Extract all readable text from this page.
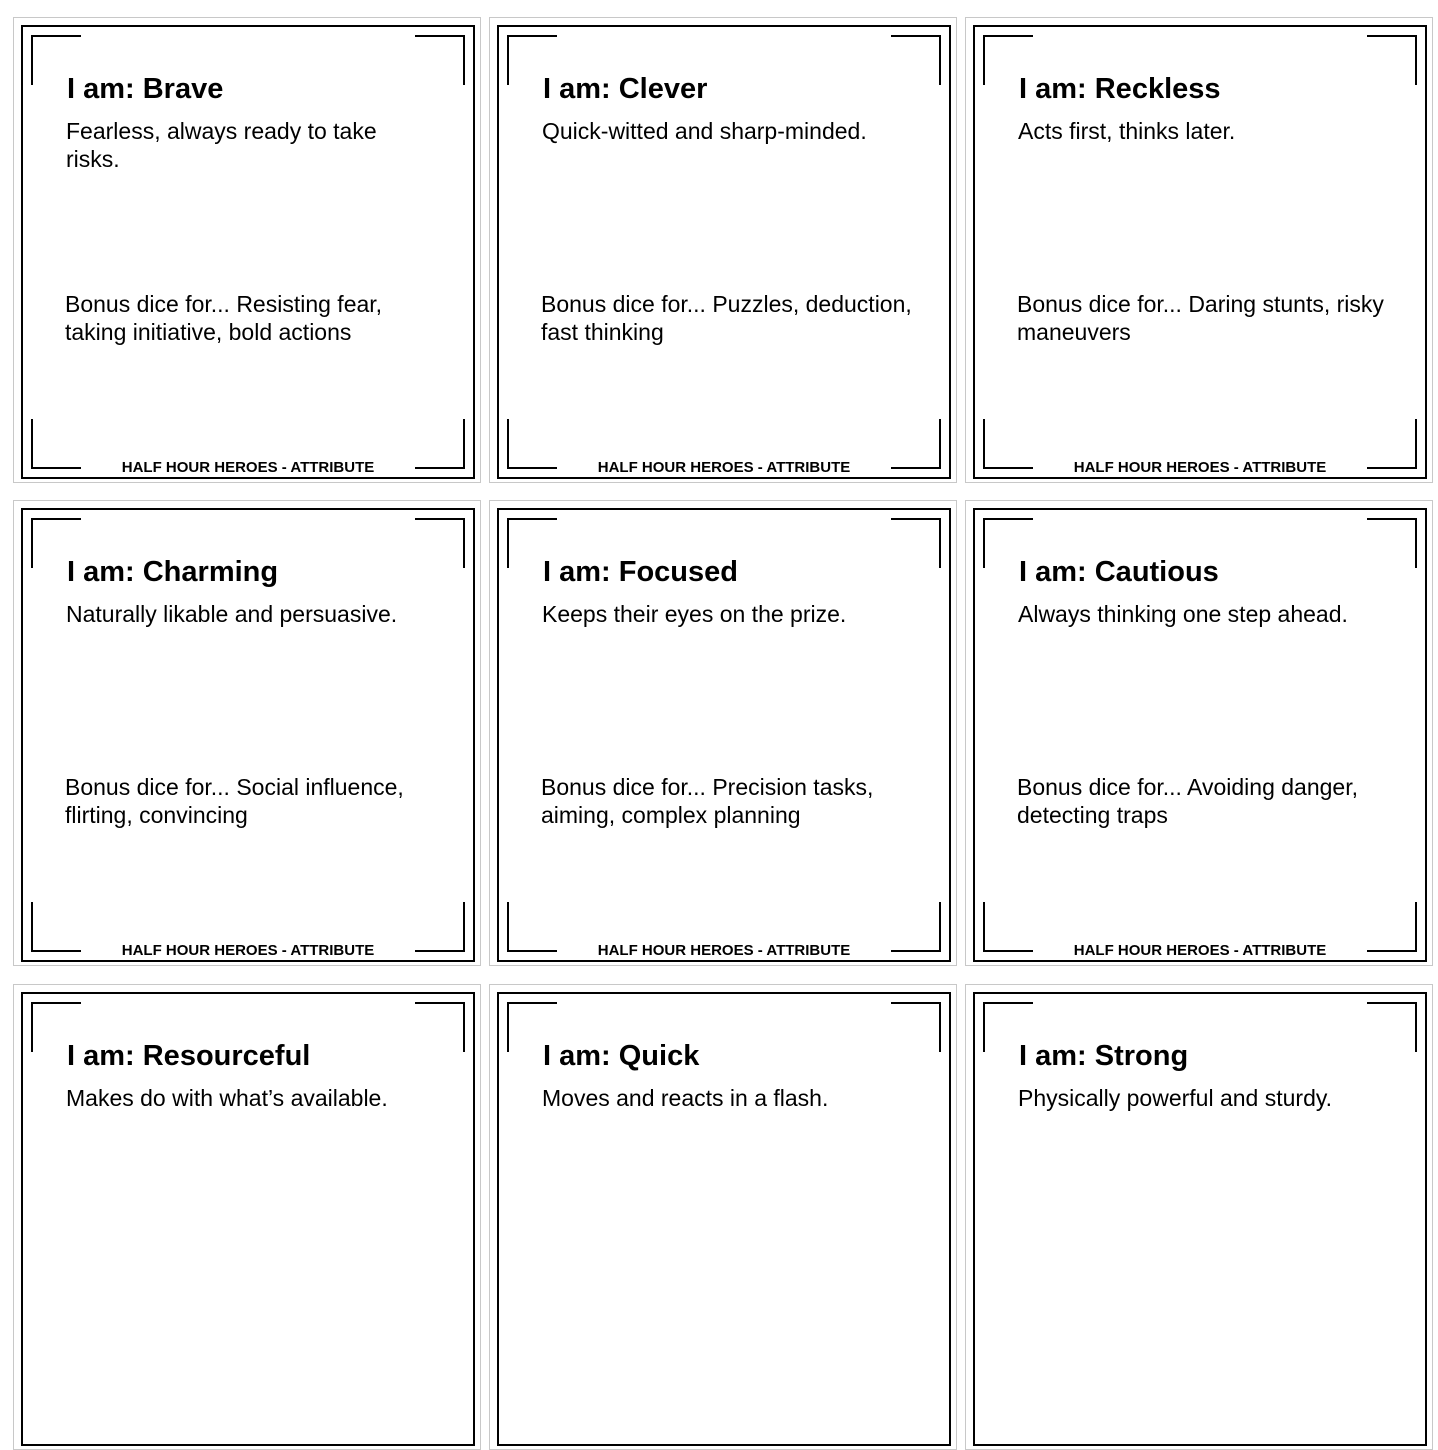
I am: Brave
Fearless, always ready to take risks.
Bonus dice for... Resisting fear, taking initiative, bold actions
HALF HOUR HEROES - ATTRIBUTE
I am: Clever
Quick-witted and sharp-minded.
Bonus dice for... Puzzles, deduction, fast thinking
HALF HOUR HEROES - ATTRIBUTE
I am: Reckless
Acts first, thinks later.
Bonus dice for... Daring stunts, risky maneuvers
HALF HOUR HEROES - ATTRIBUTE
I am: Charming
Naturally likable and persuasive.
Bonus dice for... Social influence, flirting, convincing
HALF HOUR HEROES - ATTRIBUTE
I am: Focused
Keeps their eyes on the prize.
Bonus dice for... Precision tasks, aiming, complex planning
HALF HOUR HEROES - ATTRIBUTE
I am: Cautious
Always thinking one step ahead.
Bonus dice for... Avoiding danger, detecting traps
HALF HOUR HEROES - ATTRIBUTE
I am: Resourceful
Makes do with what’s available.
I am: Quick
Moves and reacts in a flash.
I am: Strong
Physically powerful and sturdy.
